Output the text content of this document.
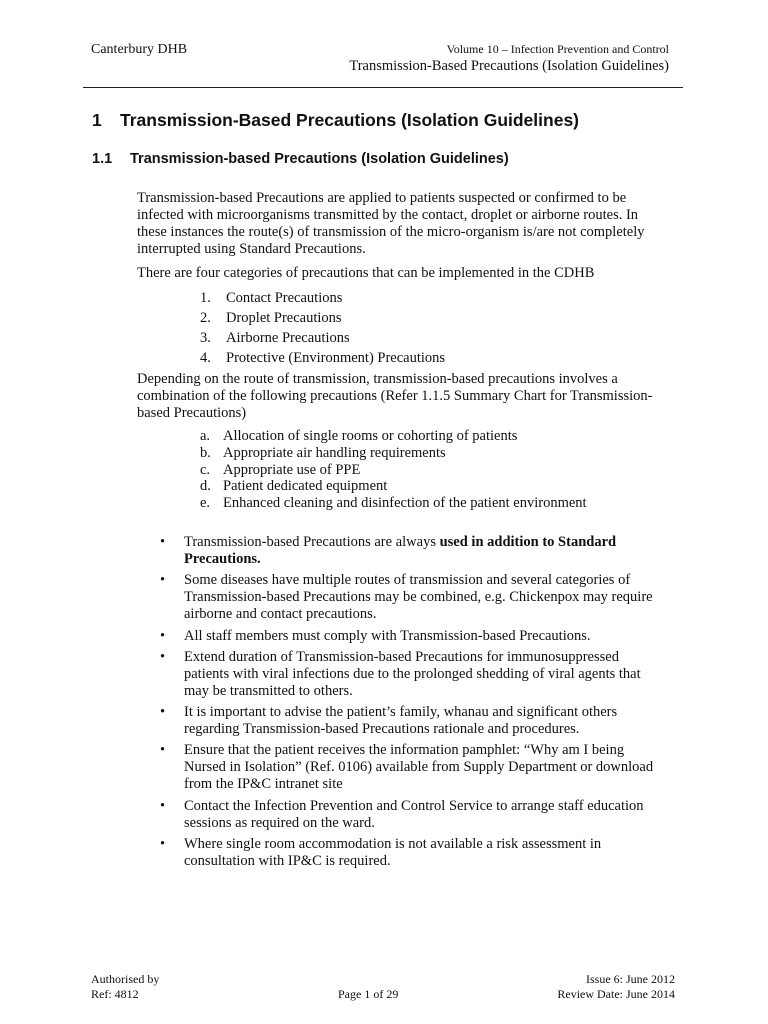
Canterbury DHB	Volume 10 – Infection Prevention and Control
Transmission-Based Precautions (Isolation Guidelines)
1 Transmission-Based Precautions (Isolation Guidelines)
1.1 Transmission-based Precautions (Isolation Guidelines)

Transmission-based Precautions are applied to patients suspected or confirmed to be infected with microorganisms transmitted by the contact, droplet or airborne routes. In these instances the route(s) of transmission of the micro-organism is/are not completely interrupted using Standard Precautions.

There are four categories of precautions that can be implemented in the CDHB

1. Contact Precautions
2. Droplet Precautions
3. Airborne Precautions
4. Protective (Environment) Precautions

Depending on the route of transmission, transmission-based precautions involves a combination of the following precautions (Refer 1.1.5 Summary Chart for Transmission-based Precautions)

a. Allocation of single rooms or cohorting of patients
b. Appropriate air handling requirements
c. Appropriate use of PPE
d. Patient dedicated equipment
e. Enhanced cleaning and disinfection of the patient environment
• Transmission-based Precautions are always used in addition to Standard Precautions.
• Some diseases have multiple routes of transmission and several categories of Transmission-based Precautions may be combined, e.g. Chickenpox may require airborne and contact precautions.
• All staff members must comply with Transmission-based Precautions.
• Extend duration of Transmission-based Precautions for immunosuppressed patients with viral infections due to the prolonged shedding of viral agents that may be transmitted to others.
• It is important to advise the patient’s family, whanau and significant others regarding Transmission-based Precautions rationale and procedures.
• Ensure that the patient receives the information pamphlet: “Why am I being Nursed in Isolation” (Ref. 0106) available from Supply Department or download from the IP&C intranet site
• Contact the Infection Prevention and Control Service to arrange staff education sessions as required on the ward.
• Where single room accommodation is not available a risk assessment in consultation with IP&C is required.
Authorised by
Ref: 4812	Page 1 of 29
Issue 6: June 2012
Review Date: June 2014
